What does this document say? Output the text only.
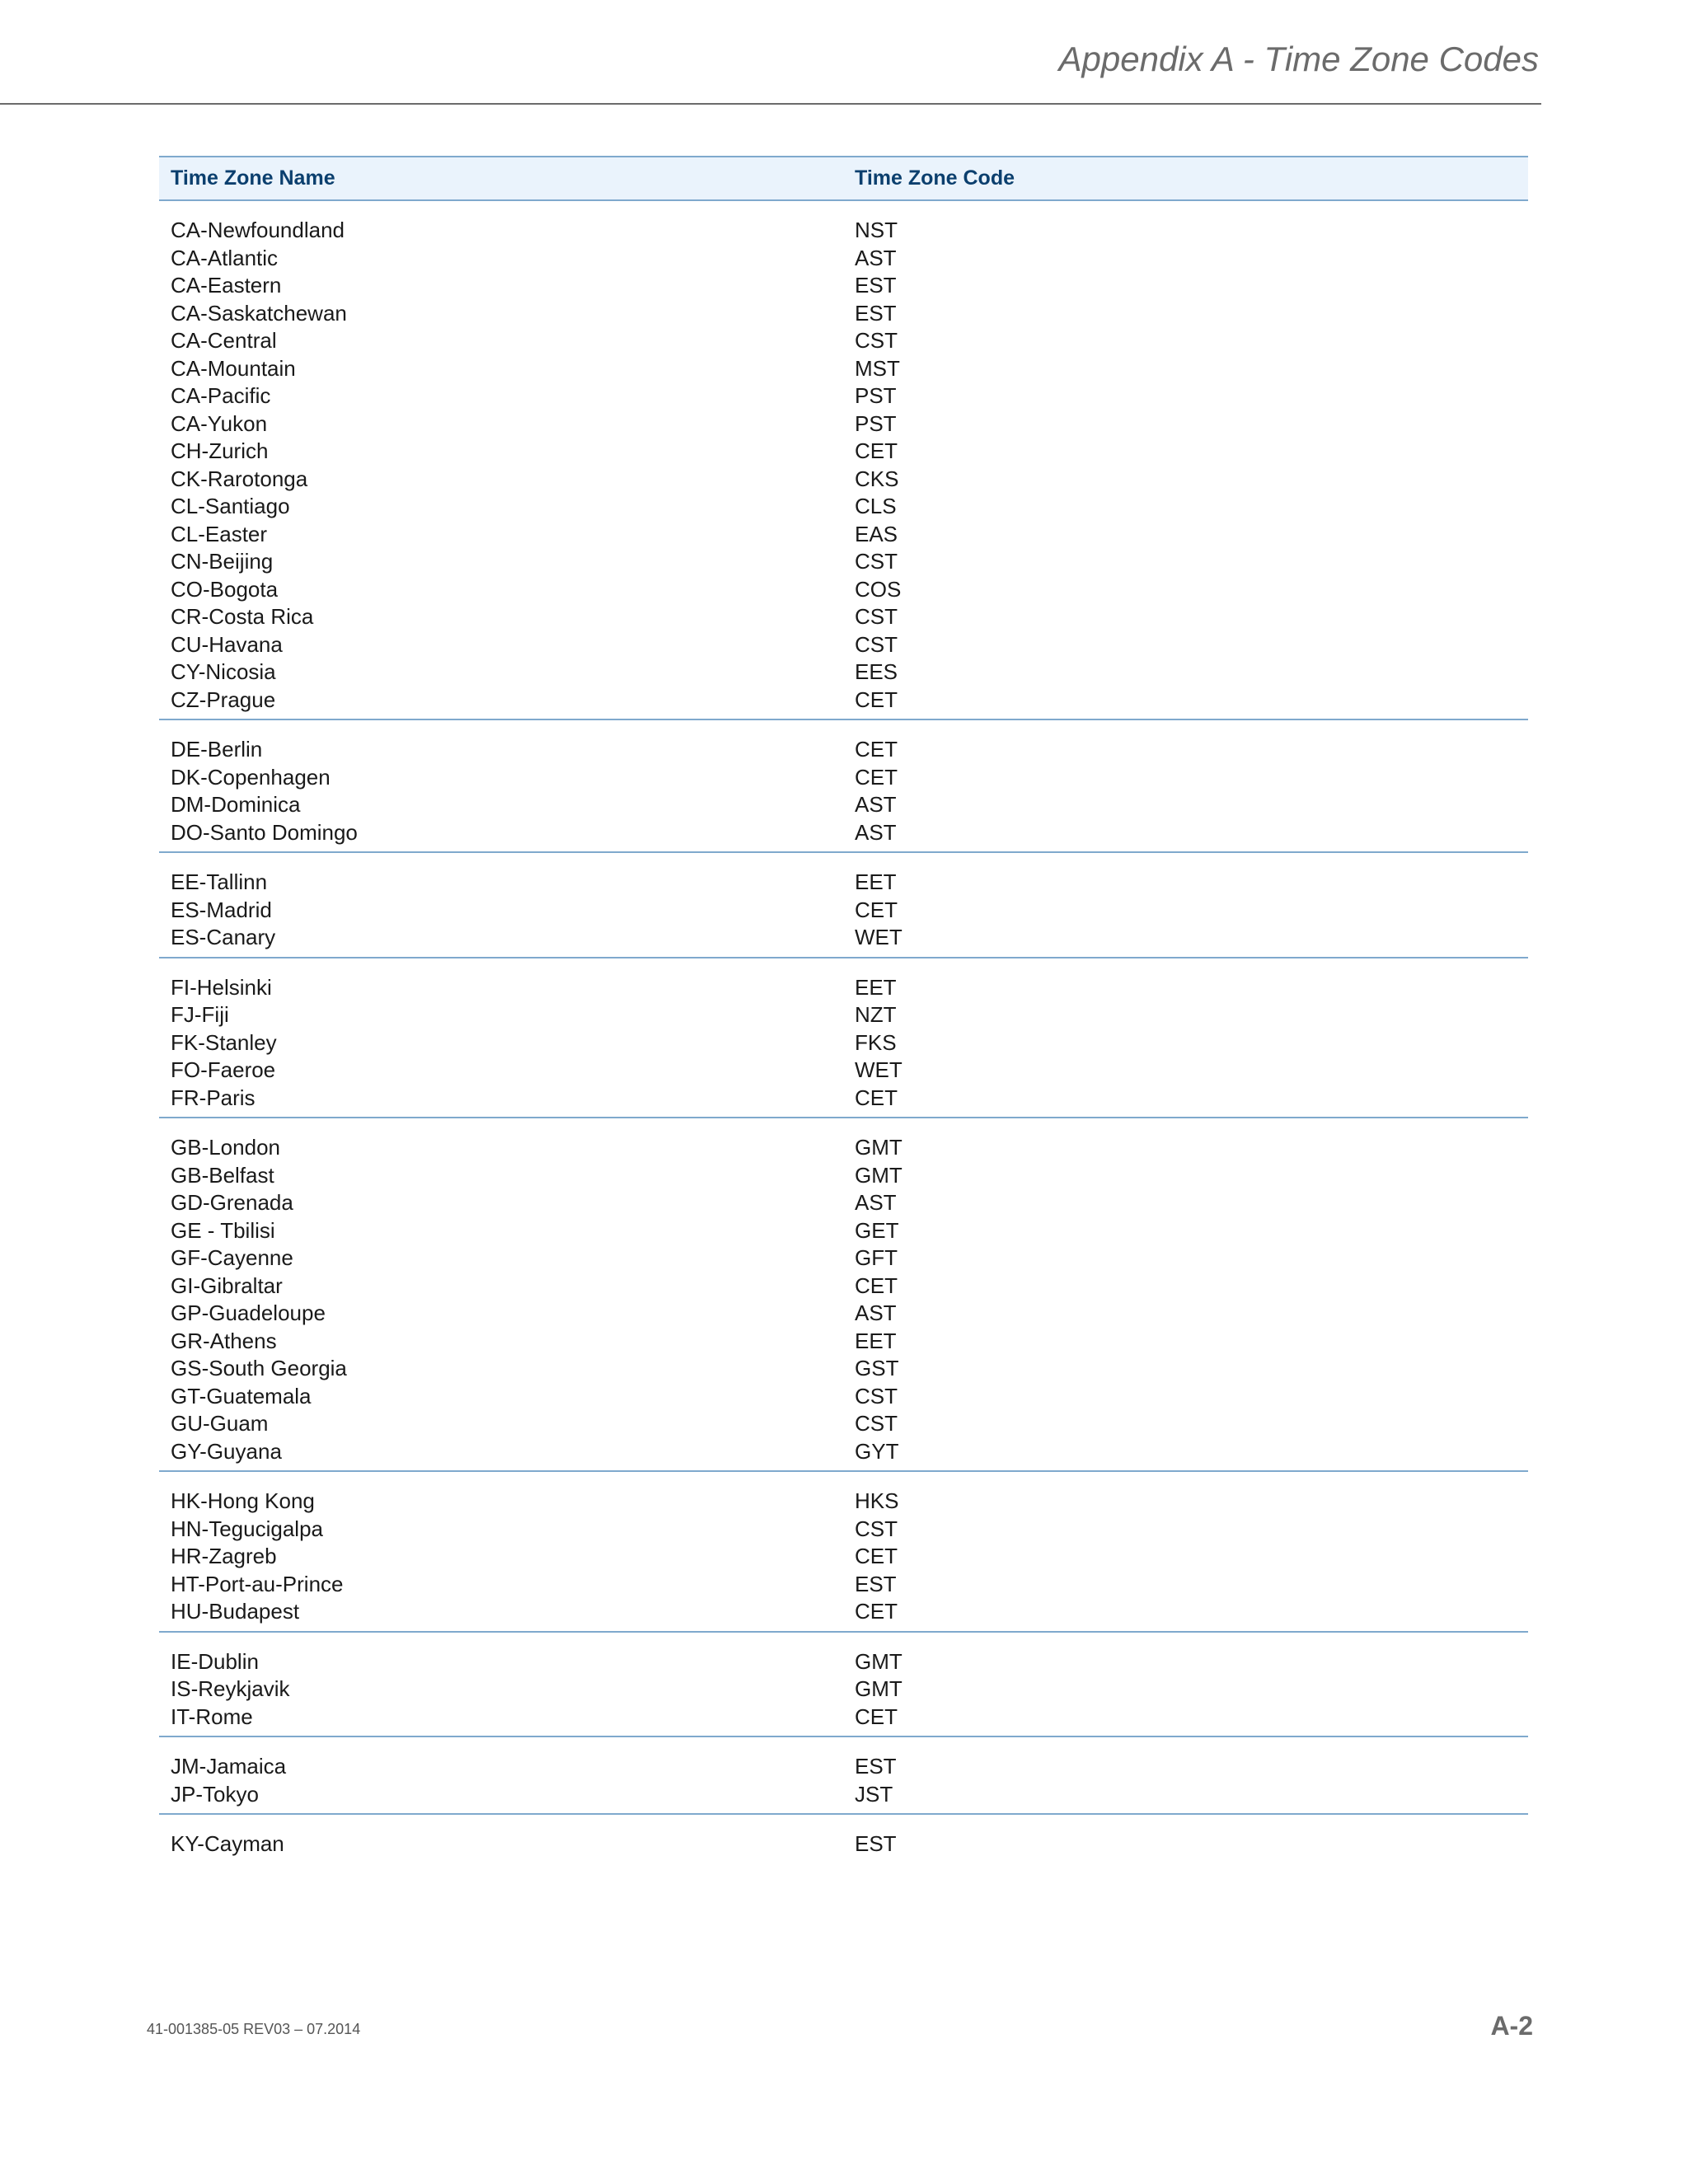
Appendix A - Time Zone Codes
Time Zone Name	Time Zone Code
CA-Newfoundland	NST
CA-Atlantic	AST
CA-Eastern	EST
CA-Saskatchewan	EST
CA-Central	CST
CA-Mountain	MST
CA-Pacific	PST
CA-Yukon	PST
CH-Zurich	CET
CK-Rarotonga	CKS
CL-Santiago	CLS
CL-Easter	EAS
CN-Beijing	CST
CO-Bogota	COS
CR-Costa Rica	CST
CU-Havana	CST
CY-Nicosia	EES
CZ-Prague	CET
DE-Berlin	CET
DK-Copenhagen	CET
DM-Dominica	AST
DO-Santo Domingo	AST
EE-Tallinn	EET
ES-Madrid	CET
ES-Canary	WET
FI-Helsinki	EET
FJ-Fiji	NZT
FK-Stanley	FKS
FO-Faeroe	WET
FR-Paris	CET
GB-London	GMT
GB-Belfast	GMT
GD-Grenada	AST
GE - Tbilisi	GET
GF-Cayenne	GFT
GI-Gibraltar	CET
GP-Guadeloupe	AST
GR-Athens	EET
GS-South Georgia	GST
GT-Guatemala	CST
GU-Guam	CST
GY-Guyana	GYT
HK-Hong Kong	HKS
HN-Tegucigalpa	CST
HR-Zagreb	CET
HT-Port-au-Prince	EST
HU-Budapest	CET
IE-Dublin	GMT
IS-Reykjavik	GMT
IT-Rome	CET
JM-Jamaica	EST
JP-Tokyo	JST
KY-Cayman	EST
41-001385-05 REV03 – 07.2014	A-2
